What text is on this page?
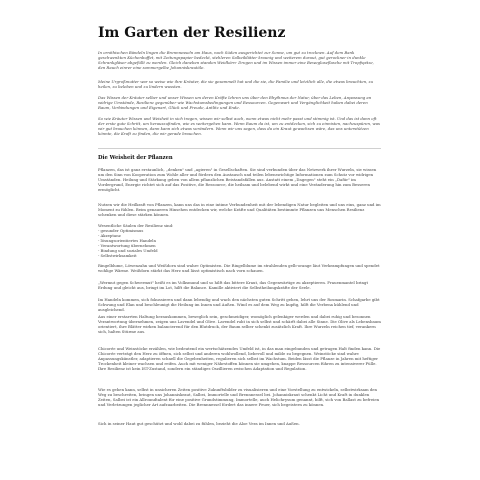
Im Garten der Resilienz

In ornithischen Bändeln lingen die Brennnesseln am Haus, nach Süden ausgerichtet zur Sonne, um gut zu trocknen. Auf dem Bank geschwenkten Küchenbuffet, mit Zeitungspapier bedeckt, stehleren Salbeiblätter kraunig und weiterem duraut, gut gerockner in dunkle Schrankgläser abgefüllt zu werden. Gleich daneben standen Weidkörn- Drogen und im Wissen immer eine Bewegloseflasche mit Tropfspitze, den Rauch einrer eine sommergelbe Johanniskrautöle.

Meine Urgroßmutter war so weise wie ihre Kräuter, die sie gesammelt hat und die sie, die Familie und letztlich alle, die etwas brauchten, zu heilen, zu beleben und zu lindern wussten.

Das Wissen der Kräuter selber und unser Wissen um deren Kräfte lehren uns über den Rhythmus der Natur, über das Leben, Anpassung an widrige Umstände, Resilienz gegenüber wie Wachstumsbedingungen und Ressourcen. Gegenwart und Vergänglichkeit haben dabei deren Raum, Verbindungen und Eigenart, Glück und Freude, Antlitz und Ende.

So wie Kräuter Wissen und Weisheit in sich tragen, wissen wir selbst auch, wenn etwas nicht mehr passt und stimmig ist. Und das ist dann oft der erste gute Schritt, um herauszufinden, wie es weitergehen kann. Wenn Raum da ist, um zu entdecken, sich zu einnisten, nachzuspüren, was wir gut brauchen können, dann kann sich etwas verändern. Wenn wir uns sagen, dass da ein Kraut gewachsen wäre, das uns unterstützen könnte, die Kraft zu finden, die wir gerade brauchen.

Die Weisheit der Pflanzen

Pflanzen, das ist ganz erstaunlich, „denken" und „agieren" in Gesellschaften. Sie sind verbunden über das Netzwerk ihrer Wurzeln, sie wissen um den Sinn von Kooperation zum Wohle aller und fördern den Austausch und teilen lebenswichtige Informationen zum Schutz vor widrigen Umständen. Heilung und Stärkung geben von allem pflanzlichen Beistandsfällen aus. Anstatt einem „Dagegen" steht ein „Dafür" im Vordergrund, Energie richtet sich auf das Positive, die Ressource, die heilsam und belebend wirkt und eine Veränderung hin zum Besseren ermöglicht.

Nutzen wir die Heilkraft von Pflanzen, kann uns das in eine intime Verbundenheit mit der lebendigen Natur begleiten und uns eins, ganz und im Moment zu fühlen. Beim genaueren Hinsehen entdecken wir, welche Kräfte und Qualitäten bestimmte Pflanzen uns Menschen Resilienz schenken und diese stärken können.

Wesentliche Säulen der Resilienz sind:

- gesunder Optimismus
- Akzeptanz
- lösungsorientiertes Handeln
- Verantwortung übernehmen
- Bindung und soziales Umfeld
- Selbstwirksamkeit

Ringelblume, Löwenzahn und Weißdorn sind wahre Optimisten. Die Ringelblume im strahlenden gelb-orange läut Verkrampfungen und spendet wohlige Wärme. Weißdorn stärkt das Herz und lässt optimistisch nach vorn schauen.

„Wermut gegen Schwermut" heißt es im Volksmund und so hilft das bittere Kraut, das Gegenwärtige zu akzeptieren. Frauenmantel bringt Erdung und gleicht aus, bringt im Lot, hilft die Balance. Kamille aktiviert die Selbstheilungskräfte der Seele.

Im Handeln kommen, sich fokussieren und dann lebendig und wach den nächsten guten Schritt gehen, lehrt uns der Rosmarin. Schafgarbe gibt Schwung und Elan und beschleunigt die Heilung im Innen und Außen. Wind es auf dem Weg zu kupfig, hilft die Verbena kühlend und ausgleichend.

Aus einer erstarrten Haltung herauskommen, beweglich sein, geschmeidiger, womöglich gelenkiger werden und dabei ruhig und besonnen Verantwortung übernehmen, zeigen uns Lavendel und Olive. Lavendel ruht in sich selbst und schärft dabei alle Sinne. Die Olive als Lebensbaum orientiert, ihre Blätter wirken balancierend für den Blutdruck, der Baum selber schenkt zusätzlich Kraft. Ihre Wurzeln reichen tief, verankern sich, halten Stürme aus.

Chicorée und Weinstöcke erzählen, wie bedeutend ein wertschätzendes Umfeld ist, in das man eingebunden und getragen Halt finden kann. Die Chicorée verträgt den Herz zu öffnen, sich selbst und anderen wohlwollend, liebevoll und milde zu begegnen. Weinstöcke sind wahre Anpassungskünstler, adaptieren schnell die Gegebenheiten, regulieren sich selbst im Wachstum. Beiden lässt die Pflanze in Jahren mit heftiger Trockenheit kleiner wachsen und reifen. Auch mit weniger Nährstoffen können sie umgehen, knappe Ressourcen führen zu intensiverer Fülle. Ihre Resilienz ist kein IST-Zustand, sondern ein ständiges Oszillieren zwischen Adaptation und Regulation.

Wie es gehen kann, selbst in unsicheren Zeiten positive Zukunftsbilder zu visualisieren und eine Vorstellung zu entwickeln, selbstwirksam den Weg zu beschreiten, bringen uns Johanniskraut, Salbei, Immortelle und Brennnessel bei. Johanniskraut schenkt Licht und Kraft in dunklen Zeiten, Salbei ist ein Allroundtalent für eine positive Grundstimmung, Immortelle, auch Helichrysum genannt, hilft, sich von Ballast zu befreien und Verletzungen jeglicher Art aufzuarbeiten. Die Brennnessel fördert das innere Feuer, sich begeistern zu können.

Sich in seiner Haut gut geschützt und wohl dabei zu fühlen, bezieht die Aloe Vera im Innen und Außen.
